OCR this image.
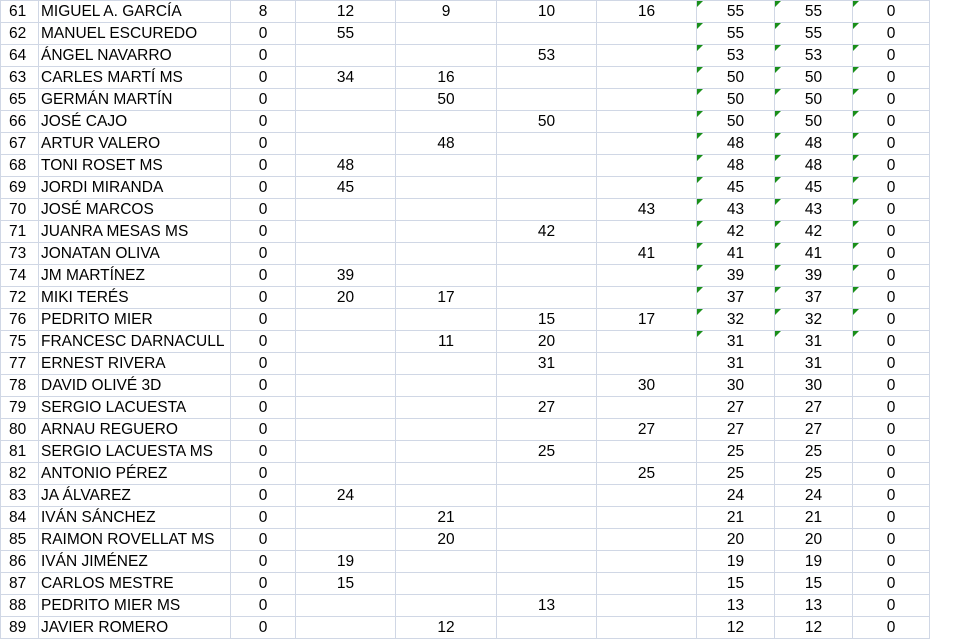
61	MIGUEL A. GARCÍA	8	12	9	10	16	55	55	0
62	MANUEL ESCUREDO	0	55				55	55	0
64	ÁNGEL NAVARRO	0			53		53	53	0
63	CARLES MARTÍ MS	0	34	16			50	50	0
65	GERMÁN MARTÍN	0		50			50	50	0
66	JOSÉ CAJO	0			50		50	50	0
67	ARTUR VALERO	0		48			48	48	0
68	TONI ROSET MS	0	48				48	48	0
69	JORDI MIRANDA	0	45				45	45	0
70	JOSÉ MARCOS	0				43	43	43	0
71	JUANRA MESAS MS	0			42		42	42	0
73	JONATAN OLIVA	0				41	41	41	0
74	JM MARTÍNEZ	0	39				39	39	0
72	MIKI TERÉS	0	20	17			37	37	0
76	PEDRITO MIER	0			15	17	32	32	0
75	FRANCESC DARNACULL	0		11	20		31	31	0
77	ERNEST RIVERA	0			31		31	31	0
78	DAVID OLIVÉ 3D	0				30	30	30	0
79	SERGIO LACUESTA	0			27		27	27	0
80	ARNAU REGUERO	0				27	27	27	0
81	SERGIO LACUESTA MS	0			25		25	25	0
82	ANTONIO PÉREZ	0				25	25	25	0
83	JA ÁLVAREZ	0	24				24	24	0
84	IVÁN SÁNCHEZ	0		21			21	21	0
85	RAIMON ROVELLAT MS	0		20			20	20	0
86	IVÁN JIMÉNEZ	0	19				19	19	0
87	CARLOS MESTRE	0	15				15	15	0
88	PEDRITO MIER MS	0			13		13	13	0
89	JAVIER ROMERO	0		12			12	12	0
